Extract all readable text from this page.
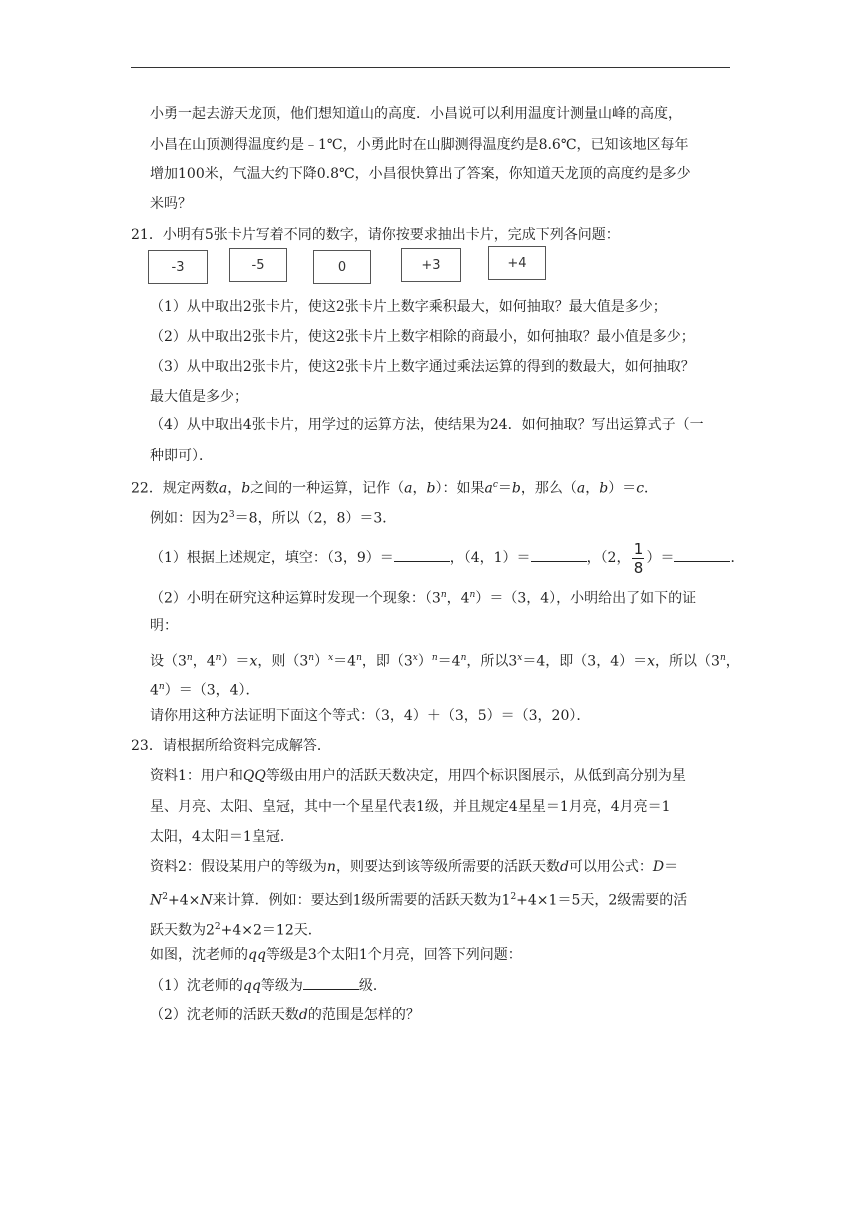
小勇一起去游天龙顶，他们想知道山的高度．小昌说可以利用温度计测量山峰的高度，
小昌在山顶测得温度约是﹣1℃，小勇此时在山脚测得温度约是8.6℃，已知该地区每年
增加100米，气温大约下降0.8℃，小昌很快算出了答案，你知道天龙顶的高度约是多少
米吗？
21．小明有5张卡片写着不同的数字，请你按要求抽出卡片，完成下列各问题：
-3	-5	0	+3	+4
（1）从中取出2张卡片，使这2张卡片上数字乘积最大，如何抽取？最大值是多少；
（2）从中取出2张卡片，使这2张卡片上数字相除的商最小，如何抽取？最小值是多少；
（3）从中取出2张卡片，使这2张卡片上数字通过乘法运算的得到的数最大，如何抽取？
最大值是多少；
（4）从中取出4张卡片，用学过的运算方法，使结果为24．如何抽取？写出运算式子（一
种即可）．
22．规定两数a，b之间的一种运算，记作（a，b）：如果$a^c=b$，那么（a，b）＝c．
例如：因为$2^3=8$，所以（2，8）＝3．
（1）根据上述规定，填空：（3，9）＝	，（4，1）＝	，（2， $\frac{1}{8}$ ）＝	．
（2）小明在研究这种运算时发现一个现象：（3$^n$，$4^n)=(3$，4），小明给出了如下的证
明：
设（3$^n$，$4^n)=x$，则$(3^n)^x=4^n$，即$(3^x)^n=4^n$，所以$3^x=4$，即（3，4）＝x，所以（3$^n$，
$4^n)=(3$，4）．
请你用这种方法证明下面这个等式：（3，4）＋（3，5）＝（3，20）．
23．请根据所给资料完成解答．
资料1：用户和QQ等级由用户的活跃天数决定，用四个标识图展示，从低到高分别为星
星、月亮、太阳、皇冠，其中一个星星代表1级，并且规定4星星＝1月亮，4月亮＝1
太阳，4太阳＝1皇冠．
资料2：假设某用户的等级为n，则要达到该等级所需要的活跃天数d可以用公式：D＝
$N^2+4\times N$来计算．例如：要达到1级所需要的活跃天数为$1^2+4\times 1=5$天，2级需要的活
跃天数为$2^2+4\times 2=12$天．
如图，沈老师的qq等级是3个太阳1个月亮，回答下列问题：
（1）沈老师的qq等级为	级．
（2）沈老师的活跃天数d的范围是怎样的？
